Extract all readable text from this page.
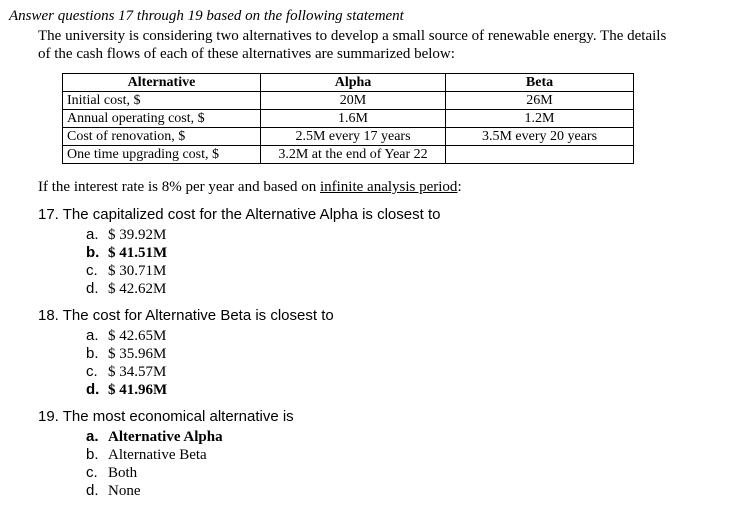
Answer questions 17 through 19 based on the following statement
The university is considering two alternatives to develop a small source of renewable energy. The details
of the cash flows of each of these alternatives are summarized below:
Alternative	Alpha	Beta
Initial cost, $	20M	26M
Annual operating cost, $	1.6M	1.2M
Cost of renovation, $	2.5M every 17 years	3.5M every 20 years
One time upgrading cost, $	3.2M at the end of Year 22	
If the interest rate is 8% per year and based on infinite analysis period:
17. The capitalized cost for the Alternative Alpha is closest to
a. $ 39.92M
b. $ 41.51M
c. $ 30.71M
d. $ 42.62M
18. The cost for Alternative Beta is closest to
a. $ 42.65M
b. $ 35.96M
c. $ 34.57M
d. $ 41.96M
19. The most economical alternative is
a. Alternative Alpha
b. Alternative Beta
c. Both
d. None
